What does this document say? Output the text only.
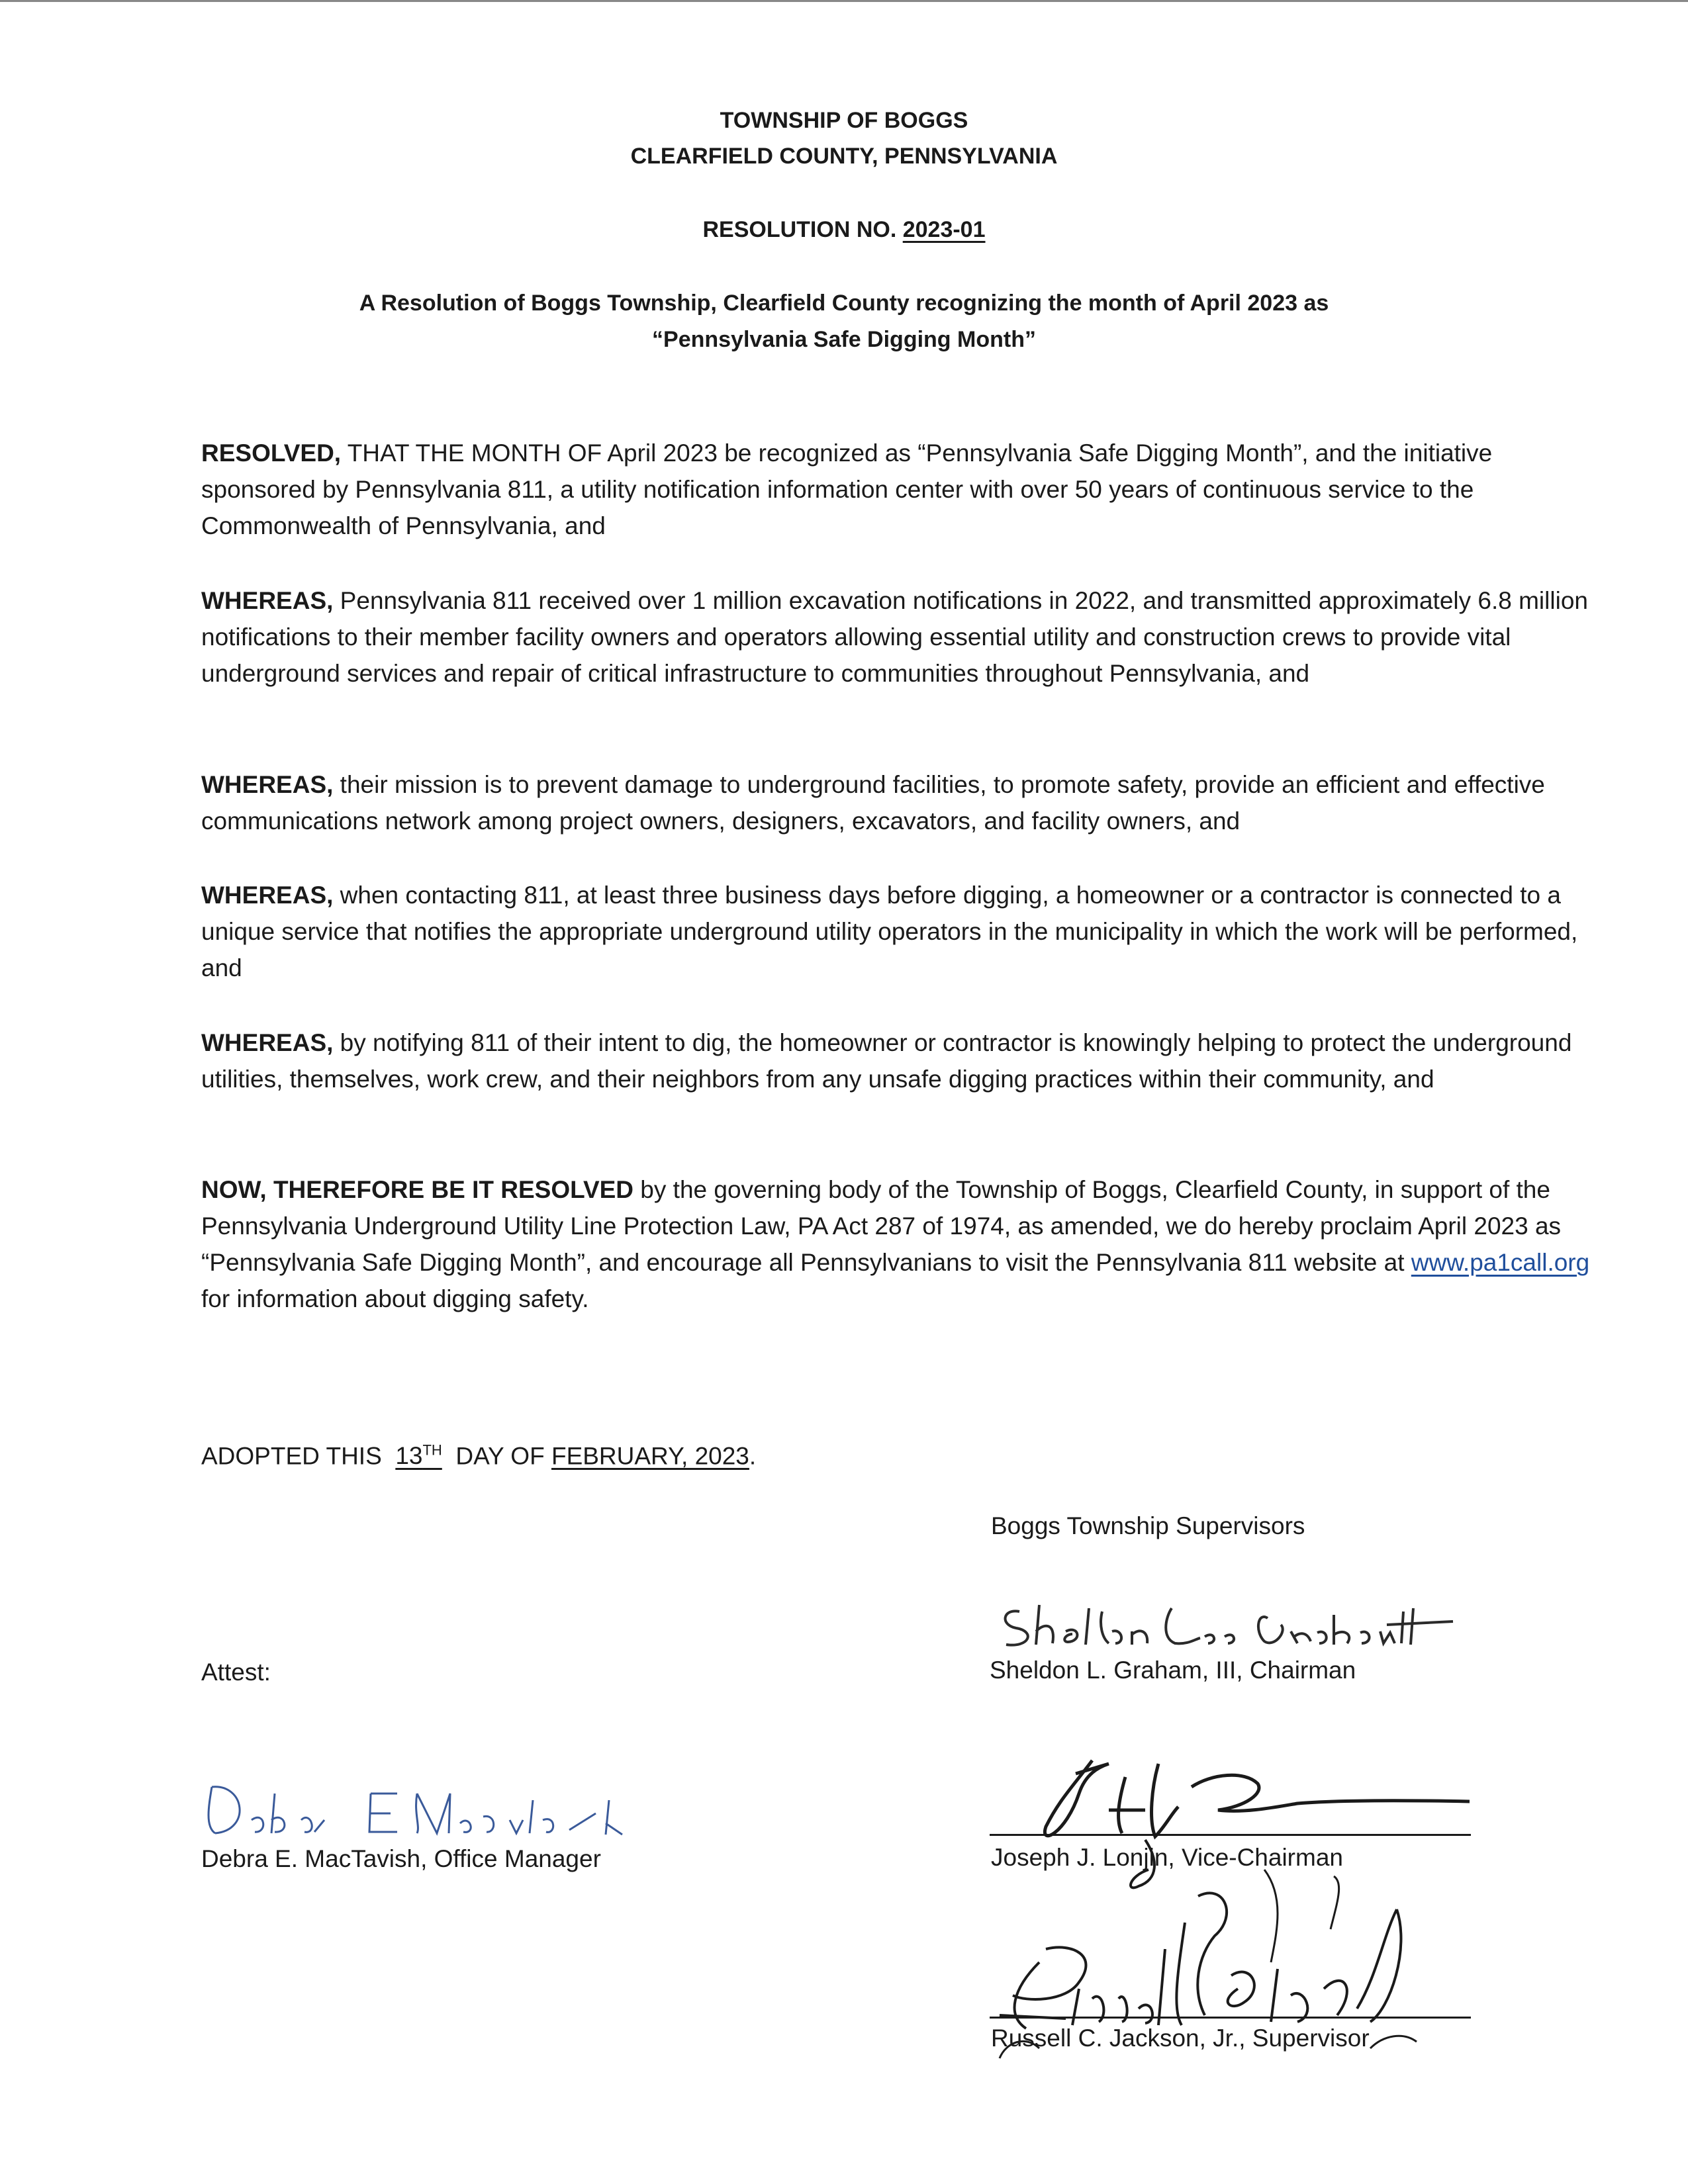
TOWNSHIP OF BOGGS
CLEARFIELD COUNTY, PENNSYLVANIA
RESOLUTION NO. 2023-01
A Resolution of Boggs Township, Clearfield County recognizing the month of April 2023 as
“Pennsylvania Safe Digging Month”
RESOLVED, THAT THE MONTH OF April 2023 be recognized as “Pennsylvania Safe Digging Month”, and the initiative sponsored by Pennsylvania 811, a utility notification information center with over 50 years of continuous service to the Commonwealth of Pennsylvania, and
WHEREAS, Pennsylvania 811 received over 1 million excavation notifications in 2022, and transmitted approximately 6.8 million notifications to their member facility owners and operators allowing essential utility and construction crews to provide vital underground services and repair of critical infrastructure to communities throughout Pennsylvania, and
WHEREAS, their mission is to prevent damage to underground facilities, to promote safety, provide an efficient and effective communications network among project owners, designers, excavators, and facility owners, and
WHEREAS, when contacting 811, at least three business days before digging, a homeowner or a contractor is connected to a unique service that notifies the appropriate underground utility operators in the municipality in which the work will be performed, and
WHEREAS, by notifying 811 of their intent to dig, the homeowner or contractor is knowingly helping to protect the underground utilities, themselves, work crew, and their neighbors from any unsafe digging practices within their community, and
NOW, THEREFORE BE IT RESOLVED by the governing body of the Township of Boggs, Clearfield County, in support of the Pennsylvania Underground Utility Line Protection Law, PA Act 287 of 1974, as amended, we do hereby proclaim April 2023 as “Pennsylvania Safe Digging Month”, and encourage all Pennsylvanians to visit the Pennsylvania 811 website at www.pa1call.org for information about digging safety.
ADOPTED THIS  13TH  DAY OF FEBRUARY, 2023.
Boggs Township Supervisors
Sheldon L. Graham, III, Chairman
Attest:
Debra E. MacTavish, Office Manager	Joseph J. Lonjin, Vice-Chairman
Russell C. Jackson, Jr., Supervisor
